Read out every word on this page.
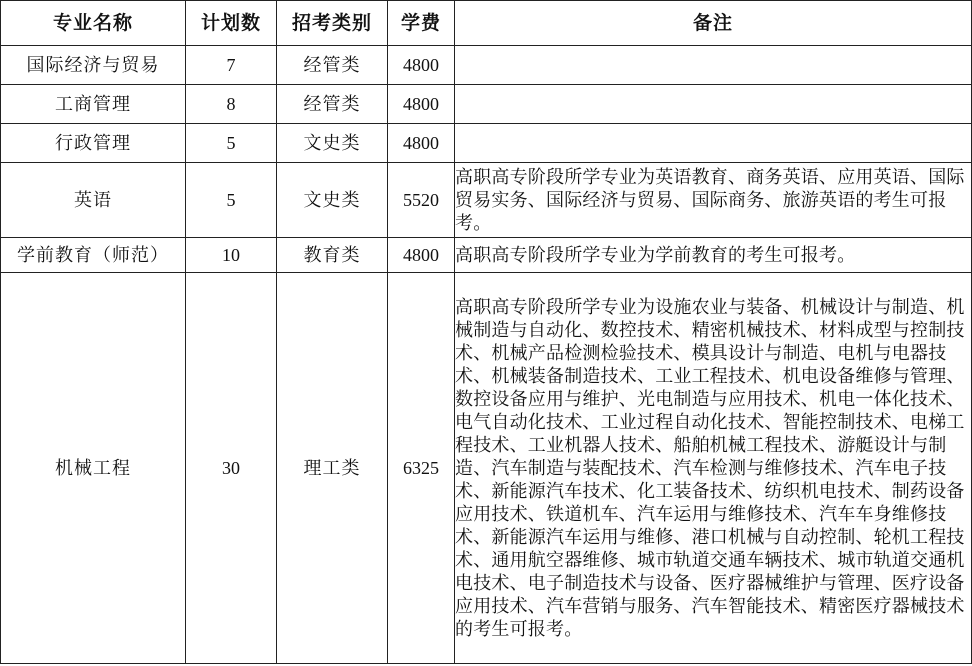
专业名称	计划数	招考类别	学费	备注
国际经济与贸易	7	经管类	4800	
工商管理	8	经管类	4800	
行政管理	5	文史类	4800	
英语	5	文史类	5520	高职高专阶段所学专业为英语教育、商务英语、应用英语、国际贸易实务、国际经济与贸易、国际商务、旅游英语的考生可报考。
学前教育（师范）	10	教育类	4800	高职高专阶段所学专业为学前教育的考生可报考。
机械工程	30	理工类	6325	高职高专阶段所学专业为设施农业与装备、机械设计与制造、机械制造与自动化、数控技术、精密机械技术、材料成型与控制技术、机械产品检测检验技术、模具设计与制造、电机与电器技术、机械装备制造技术、工业工程技术、机电设备维修与管理、数控设备应用与维护、光电制造与应用技术、机电一体化技术、电气自动化技术、工业过程自动化技术、智能控制技术、电梯工程技术、工业机器人技术、船舶机械工程技术、游艇设计与制造、汽车制造与装配技术、汽车检测与维修技术、汽车电子技术、新能源汽车技术、化工装备技术、纺织机电技术、制药设备应用技术、铁道机车、汽车运用与维修技术、汽车车身维修技术、新能源汽车运用与维修、港口机械与自动控制、轮机工程技术、通用航空器维修、城市轨道交通车辆技术、城市轨道交通机电技术、电子制造技术与设备、医疗器械维护与管理、医疗设备应用技术、汽车营销与服务、汽车智能技术、精密医疗器械技术的考生可报考。
